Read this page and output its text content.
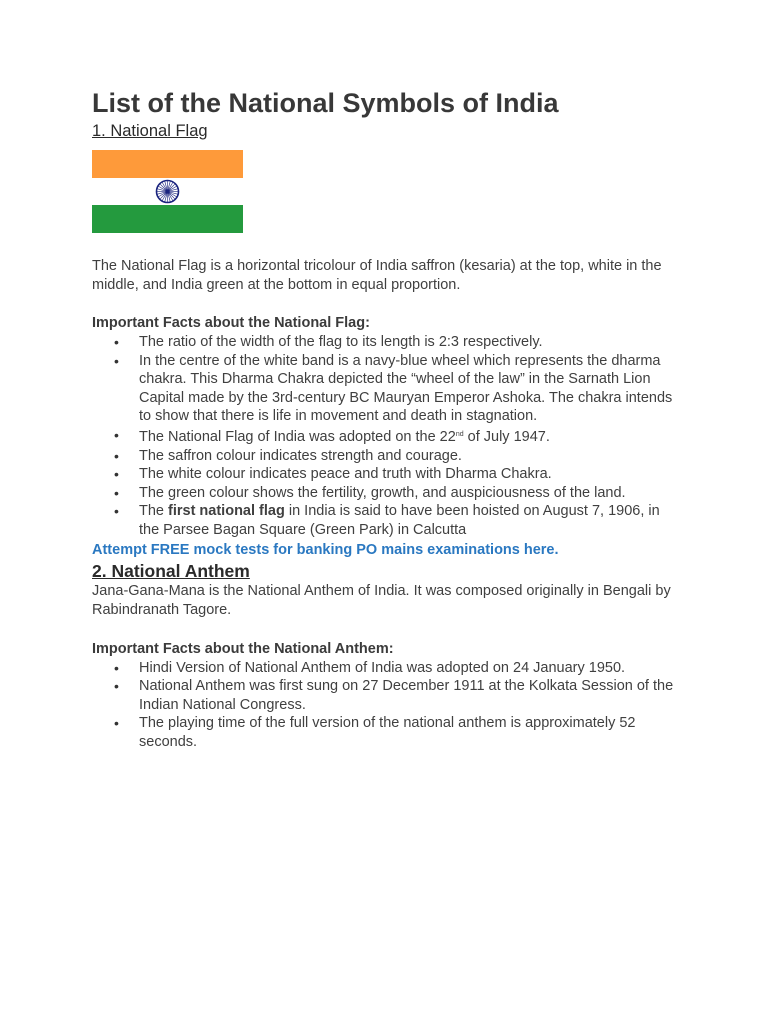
List of the National Symbols of India
1. National Flag

The National Flag is a horizontal tricolour of India saffron (kesaria) at the top, white in the middle, and India green at the bottom in equal proportion.

Important Facts about the National Flag:
• The ratio of the width of the flag to its length is 2:3 respectively.
• In the centre of the white band is a navy-blue wheel which represents the dharma chakra. This Dharma Chakra depicted the “wheel of the law” in the Sarnath Lion Capital made by the 3rd-century BC Mauryan Emperor Ashoka. The chakra intends to show that there is life in movement and death in stagnation.
• The National Flag of India was adopted on the 22nd of July 1947.
• The saffron colour indicates strength and courage.
• The white colour indicates peace and truth with Dharma Chakra.
• The green colour shows the fertility, growth, and auspiciousness of the land.
• The first national flag in India is said to have been hoisted on August 7, 1906, in the Parsee Bagan Square (Green Park) in Calcutta
Attempt FREE mock tests for banking PO mains examinations here.
2. National Anthem

Jana-Gana-Mana is the National Anthem of India. It was composed originally in Bengali by Rabindranath Tagore.

Important Facts about the National Anthem:
• Hindi Version of National Anthem of India was adopted on 24 January 1950.
• National Anthem was first sung on 27 December 1911 at the Kolkata Session of the Indian National Congress.
• The playing time of the full version of the national anthem is approximately 52 seconds.
